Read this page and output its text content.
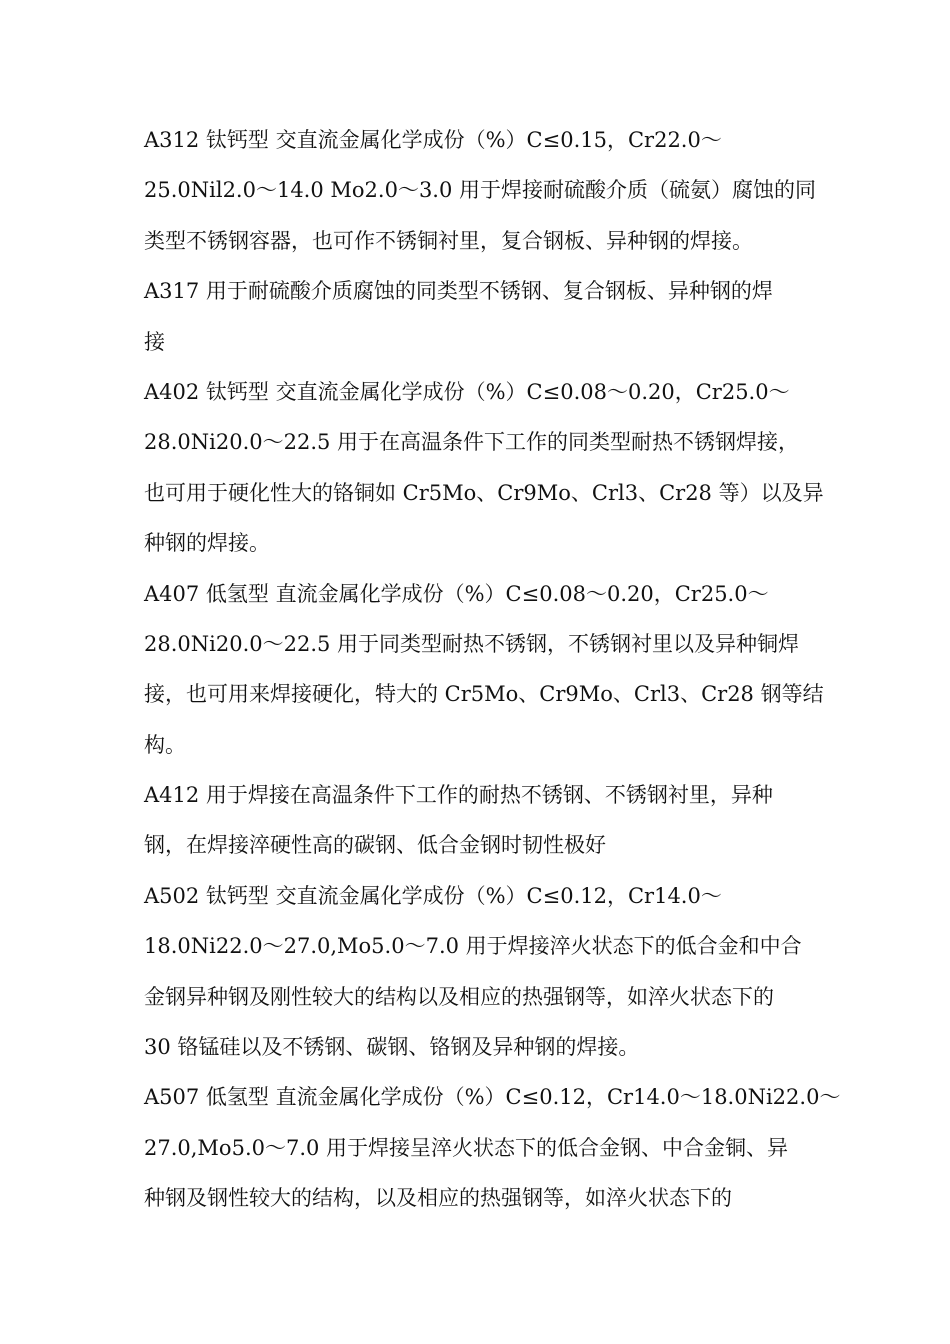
A312 钛钙型 交直流金属化学成份（%）C≤0.15，Cr22.0～
25.0Nil2.0～14.0 Mo2.0～3.0 用于焊接耐硫酸介质（硫氨）腐蚀的同
类型不锈钢容器，也可作不锈铜衬里，复合钢板、异种钢的焊接。
A317 用于耐硫酸介质腐蚀的同类型不锈钢、复合钢板、异种钢的焊
接
A402 钛钙型 交直流金属化学成份（%）C≤0.08～0.20，Cr25.0～
28.0Ni20.0～22.5 用于在高温条件下工作的同类型耐热不锈钢焊接，
也可用于硬化性大的铬铜如 Cr5Mo、Cr9Mo、Crl3、Cr28 等）以及异
种钢的焊接。
A407 低氢型 直流金属化学成份（%）C≤0.08～0.20，Cr25.0～
28.0Ni20.0～22.5 用于同类型耐热不锈钢，不锈钢衬里以及异种铜焊
接，也可用来焊接硬化，特大的 Cr5Mo、Cr9Mo、Crl3、Cr28 钢等结
构。
A412 用于焊接在高温条件下工作的耐热不锈钢、不锈钢衬里，异种
钢，在焊接淬硬性高的碳钢、低合金钢时韧性极好
A502 钛钙型 交直流金属化学成份（%）C≤0.12，Cr14.0～
18.0Ni22.0～27.0,Mo5.0～7.0 用于焊接淬火状态下的低合金和中合
金钢异种钢及刚性较大的结构以及相应的热强钢等，如淬火状态下的
30 铬锰硅以及不锈钢、碳钢、铬钢及异种钢的焊接。
A507 低氢型 直流金属化学成份（%）C≤0.12，Cr14.0～18.0Ni22.0～
27.0,Mo5.0～7.0 用于焊接呈淬火状态下的低合金钢、中合金铜、异
种钢及钢性较大的结构，以及相应的热强钢等，如淬火状态下的
